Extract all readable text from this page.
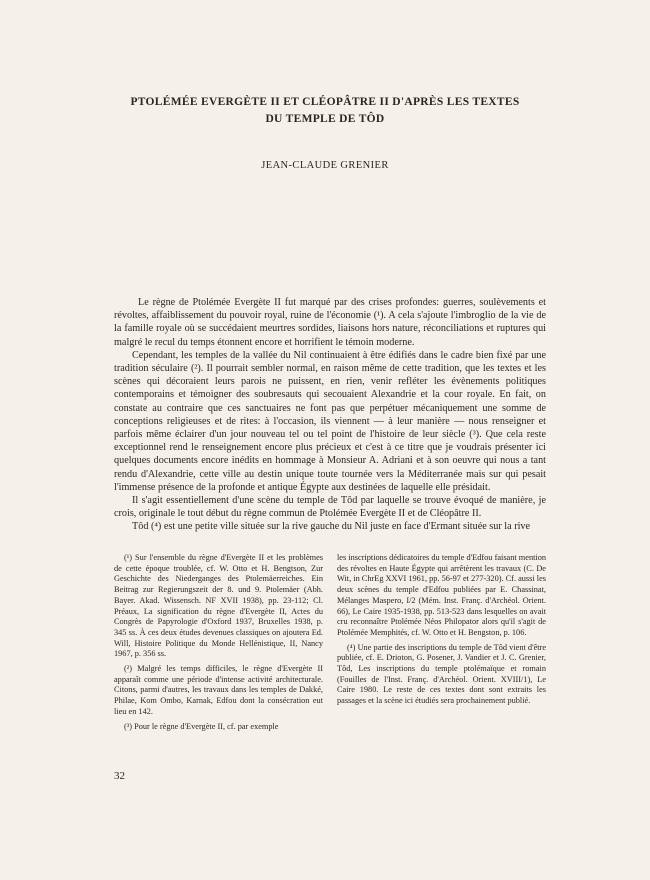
PTOLÉMÉE EVERGÈTE II ET CLÉOPÂTRE II D'APRÈS LES TEXTES
DU TEMPLE DE TÔD

JEAN-CLAUDE GRENIER

Le règne de Ptolémée Evergète II fut marqué par des crises profondes: guerres, soulèvements et révoltes, affaiblissement du pouvoir royal, ruine de l'économie (¹). A cela s'ajoute l'imbroglio de la vie de la famille royale où se succédaient meurtres sordides, liaisons hors nature, réconciliations et ruptures qui malgré le recul du temps étonnent encore et horrifient le témoin moderne.

Cependant, les temples de la vallée du Nil continuaient à être édifiés dans le cadre bien fixé par une tradition séculaire (²). Il pourrait sembler normal, en raison même de cette tradition, que les textes et les scènes qui décoraient leurs parois ne puissent, en rien, venir refléter les évènements politiques contemporains et témoigner des soubresauts qui secouaient Alexandrie et la cour royale. En fait, on constate au contraire que ces sanctuaires ne font pas que perpétuer mécaniquement une somme de conceptions religieuses et de rites: à l'occasion, ils viennent — à leur manière — nous renseigner et parfois même éclairer d'un jour nouveau tel ou tel point de l'histoire de leur siècle (³). Que cela reste exceptionnel rend le renseignement encore plus précieux et c'est à ce titre que je voudrais présenter ici quelques documents encore inédits en hommage à Monsieur A. Adriani et à son oeuvre qui nous a tant rendu d'Alexandrie, cette ville au destin unique toute tournée vers la Méditerranée mais sur qui pesait l'immense présence de la profonde et antique Égypte aux destinées de laquelle elle présidait.

Il s'agit essentiellement d'une scène du temple de Tôd par laquelle se trouve évoqué de manière, je crois, originale le tout début du règne commun de Ptolémée Evergète II et de Cléopâtre II.

Tôd (⁴) est une petite ville située sur la rive gauche du Nil juste en face d'Ermant située sur la rive

(¹) Sur l'ensemble du règne d'Evergète II et les problèmes de cette époque troublée, cf. W. Otto et H. Bengtson, Zur Geschichte des Niederganges des Ptolemäerreiches. Ein Beitrag zur Regierungszeit der 8. und 9. Ptolemäer (Abh. Bayer. Akad. Wissensch. NF XVII 1938), pp. 23-112; Cl. Préaux, La signification du règne d'Evergète II, Actes du Congrès de Papyrologie d'Oxford 1937, Bruxelles 1938, p. 345 ss. À ces deux études devenues classiques on ajoutera Ed. Will, Histoire Politique du Monde Hellénistique, II, Nancy 1967, p. 356 ss.

(²) Malgré les temps difficiles, le règne d'Evergète II apparaît comme une période d'intense activité architecturale. Citons, parmi d'autres, les travaux dans les temples de Dakké, Philae, Kom Ombo, Karnak, Edfou dont la consécration eut lieu en 142.

(³) Pour le règne d'Evergète II, cf. par exemple

les inscriptions dédicatoires du temple d'Edfou faisant mention des révoltes en Haute Égypte qui arrêtèrent les travaux (C. De Wit, in ChrEg XXVI 1961, pp. 56-97 et 277-320). Cf. aussi les deux scènes du temple d'Edfou publiées par E. Chassinat, Mélanges Maspero, I/2 (Mém. Inst. Franç. d'Archéol. Orient. 66), Le Caire 1935-1938, pp. 513-523 dans lesquelles on avait cru reconnaître Ptolémée Néos Philopator alors qu'il s'agit de Ptolémée Memphités, cf. W. Otto et H. Bengston, p. 106.

(⁴) Une partie des inscriptions du temple de Tôd vient d'être publiée, cf. E. Drioton, G. Posener, J. Vandier et J. C. Grenier, Tôd, Les inscriptions du temple ptolémaïque et romain (Fouilles de l'Inst. Franç. d'Archéol. Orient. XVIII/1), Le Caire 1980. Le reste de ces textes dont sont extraits les passages et la scène ici étudiés sera prochainement publié.

32
